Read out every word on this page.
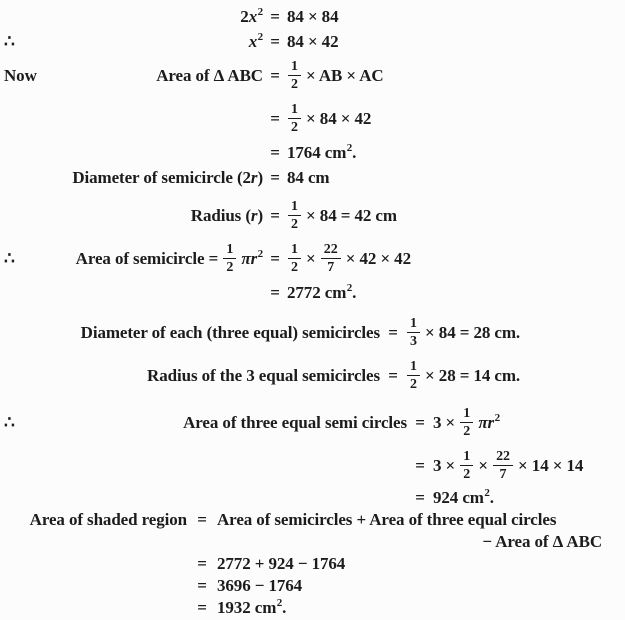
2 x 2 = 84 × 84
∴	x 2 = 84 × 42
Now	Area of Δ ABC = $\frac{1}{2}$ × AB × AC
= $\frac{1}{2} \times 84 \times 42$
= 1764 cm 2 .
Diameter of semicircle (2 r ) = 84 cm
Radius ( r ) = $\frac{1}{2} \times 84 = 42$ cm
∴	Area of semicircle = $\frac{1}{2}$
πr $2 = \frac{1}{2} \times \frac{22}{7} \times 42 \times 42$
= 2772 cm 2 .
Diameter of each (three equal) semicircles = $\frac{1}{3} \times 84 = 28$ cm.
Radius of the 3 equal semicircles = $\frac{1}{2} \times 28 = 14$ cm.
∴	Area of three equal semi circles = $3 \times \frac{1}{2}$
πr 2
= $3 \times \frac{1}{2} \times \frac{22}{7} \times 14 \times 14$
= 924 cm 2 .
Area of shaded region = Area of semicircles + Area of three equal circles
− Area of Δ ABC
= 2772 + 924 − 1764
= 3696 − 1764
= 1932 cm 2 .
